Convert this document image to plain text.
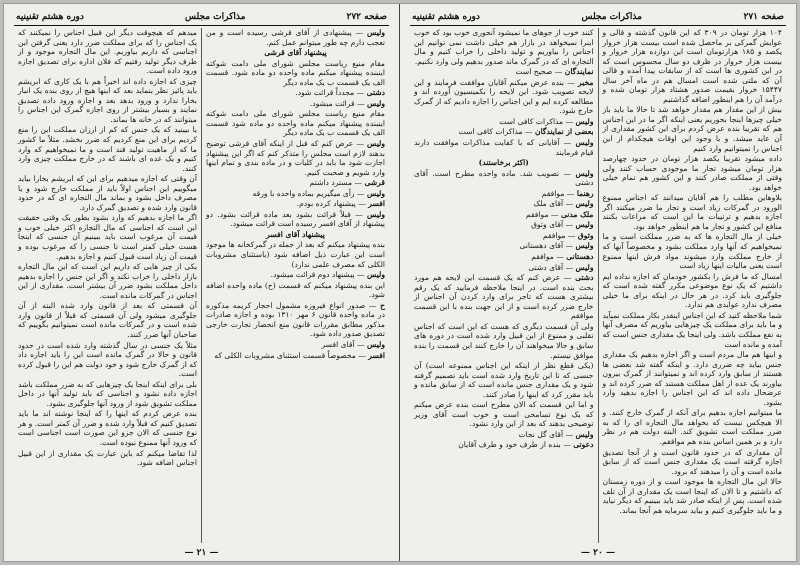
صفحه ۲۷۲
مذاکرات مجلس
دوره هشتم تقنینیه

ولیس — پیشنهادی از آقای قرشی رسیده است و من تعجب دارم چه طور میتوانم عمل کنم.

پیشنهاد آقای قرشی

مقام منیع ریاست مجلس شورای ملی دامت شوکته اینبنده پیشنهاد میکنم ماده واحده دو ماده شود. قسمت الف یک قسمت ب یک ماده دیگر

دشتی — مجدداً قرائت شود.

ولیس — قرائت میشود.

مقام منیع ریاست مجلس شورای ملی دامت شوکته اینبنده پیشنهاد میکنم ماده واحده دو ماده شود قسمت الف یک قسمت ب یک ماده دیگر

ولیس — عرض کنم که قبل از اینکه آقای قرشی توضیح بدهند لازم است مجلس را متذکر کنم که اگر این پیشنهاد اجازت شود ما باید در کلیات و در ماده بندی و تمام اینها وارد شویم و صحبت کنیم.

قرشی — مسترد داشتم

ولیس — رأی میگیریم بماده واحده با ورقه

افسر — پیشنهاد کرده بودم.

ولیس — قبلاً قرائت بشود بعد ماده قرائت بشود. دو پیشنهاد از آقای افسر رسیده است قرائت میشود.

پیشنهاد آقای افسر

بنده پیشنهاد میکنم که بعد از جمله در گمرکخانه ها موجود است این عبارت ذیل اضافه شود (باستثنای مشروبات الکلی که مصرف علمی ندارد)

ولیس — پیشنهاد دوم قرائت میشود.

این بنده پیشنهاد میکنم که قسمت (ح) ماده واحده اضافه شود.

ح — صدور انواع فیروزه مشمول احجار کریمه مذکوره در ماده واحده قانون ۶ مهر ۱۳۱۰ بوده و اجازه صادرات مذکور مطابق مقررات قانون منع انحصار تجارت خارجی تصدیق صدور داده شود.

ولیس — آقای افسر

افسر — مخصوصاً قسمت استثنای مشروبات الکلی که

میدهم که هیچوقت دیگر این قبیل اجناس را نمیکنند که یک اجناس را که برای مملکت ضرر دارد یعنی گرفتن این اجناسی که داریم بیاوریم. این مال التجاره موجود و از طرف دیگر تولید رفتیم که فلان اداره برای تصدیق اجازه ورود داده است.

چیزی که اجازه داده اند اخیراً هم با یک کاری که ابریشم باید پائیز نظر بنماید بعد که اینها هیچ از روی بنده یک انبار بخارا ندارد و ورود بدهد بعد و اجازه ورود داده تصدیق نمایند و بسیار بیشتر از روی اجازه گمرک این اجناس را میتوانند که در خانه ها بماند.

یا بیینید که یک جنس که کم از ارزان مملکت این را منع کردیم برای این منع کردیم که ضرر بخشد. مثلاً ما کشور ما که از ماهیت تولید قند است و ما نمیخواهیم که وارد کنیم و یک عده ای باشند که در خارج مملکت چیزی وارد کنند.

آن وقتی که اجازه میدهیم برای این که ابریشم بخارا بیاید میگوییم این اجناس اولاً باید از مملکت خارج شود و یا مصرف داخل بشود و بماند مال التجاره ای که در حدود قانون وارد شده و تصدیق گمرک دارد.

اگر ما اجازه بدهیم که وارد بشود بطور یک وقتی حقیقت این است که اجناسی که مال التجاره اکثر خیلی خوب و قیمت آن مرغوب است باید ببینیم آن جنسی که اینجا هست خیلی کمتر است تا جنسی را که مرغوب بوده و قیمت آن زیاد است قبول کنیم و اجازه بدهیم.

یکی از چیز هایی که داریم این است که این مال التجاره بازار داخلی را خراب نکند و اگر این جنس را اجازه بدهیم داخل مملکت بشود ضرر آن بیشتر است. مقداری از این اجناس در گمرکات مانده است.

آن قسمتی که بعد از قانون وارد شده البته از آن جلوگیری میشود ولی آن قسمتی که قبلاً از قانون وارد شده است و در گمرکات مانده است نمیتوانیم بگوییم که صاحبان آنها ضرر کنند.

مثلاً یک جنسی در سال گذشته وارد شده است در حدود قانون و حالا در گمرک مانده است این را باید اجازه داد که از گمرک خارج شود و خود دولت هم این را قبول کرده است.

بلی برای اینکه اینجا یک چیزهایی که به ضرر مملکت باشد اجازه داده نشود و اجناسی که باید تولید آنها در داخل مملکت تشویق شود از ورود آنها جلوگیری بشود.

بنده عرض کردم که اینها را که اینجا نوشته اند ما باید تصدیق کنیم که قبلاً وارد شده و ضرر آن کمتر است. و هر نوع جنسی که الان جزو این صورت است اجناسی است که ورود آنها ممنوع نبوده است.

لذا تقاضا میکنم که باین عبارت یک مقداری از این قبیل اجناس اضافه شود.

— ۲۱ —
صفحه ۲۷۱
مذاکرات مجلس
دوره هشتم تقنینیه

۱۰۴ هزار تومان در ۳۰۹ که این قانون گذشته و قالی و عوایش گمرکی بر ماحصل شده است بیست هزار خروار یکصد و ۱۸۵ هزارتومان است این دوازده هزار خروار و بیست هزار خروار در ظرف دو سال محسوس است که در این کشوری ها است که از سابقات پیدا آمده و قالی آن که ملتی شده است امسال هم در ماه آخر سال ۱۵۴۴۷ خروار بقیمت صدور هشتاد هزار تومان شده و درآمد آن را هم اینطور اضافه گذاشتیم

بیش از این مقدار هم مقدار خواهد شد تا حالا ما باید باز خیلی چیزها اینجا بخوریم یعنی اینکه اگر ما در این اجناس هم که تقریبا بنده عرض کردم برای این کشور مقداری از آن عاید میشد. و با وجود این اوقات هیچکدام از این اجناس را نمیتوانیم وارد کنیم

داده میشود تقریبا یکصد هزار تومان در حدود چهارصد هزار تومان میشود تجار ما موجودی حساب کنند ولی وقتی از مملکت صادر کنند و این کشور هم تمام خیلی خواهد بود.

بلاوهاین مطلب را هم آقایان میدانند که اجناس ممنوع الورود در گمرکات زیاد است و تجار ما ضرر میکنند اگر اجازه بدهیم و ترتیبات ما این است که مراعات بکنند منافع این کشور و تجار ما هم اینطور خواهد بود.

خیلی از مال التجاره ها که به ضرر مملکت است و ما نمیخواهیم که آنها وارد مملکت بشود و مخصوصاً آنها که از خارج مملکت وارد میشوند مواد فرش اینها ممنوع است یعنی مالیات اینها زیاد است

امسال که ما فرش را بکشور خودمان که اجازه نداده ایم داشتیم که یک نوع موضوعی مکرر گفته شده است که جلوگیری باید کرد. در هر حال در اینکه برای ما خیلی مصرف ندارد عوایدی هم ندارد.

شما ملاحظه کنید که این اجناس اینقدر بکار مملکت نمیآید و ما باید برای مملکت یک چیزهایی بیاوریم که مصرف آنها به نفع مملکت باشد. ولی اینجا یک مقداری جنس است که آمده و مانده است

و اینها هم مال مردم است و اگر اجازه بدهیم یک مقداری جنس بیاید چه ضرری دارد. و اینکه گفته شد بعضی ها هستند از سابق وارد کرده اند و نمیتوانند از گمرک بیرون بیاورند یک عده از اهل مملکت هستند که ضرر کرده اند و عرضحال داده اند که این اجناس را اجازه بدهید وارد بشود.

ما میتوانیم اجازه بدهیم برای آنکه از گمرک خارج کنند. و الا هیچکس نیست که بخواهد مال التجاره ای را که به ضرر مملکت است تشویق کند. البته دولت هم در نظر دارد و بر همین اساس بنده هم موافقم.

آن مقداری که در حدود قانون است و از آنجا تصدیق اجازه گرفته است یک مقداری جنس است که از سابق مانده است و آن را میدهند که برود.

حالا این مال التجاره ها موجود است و از دوره زمستان که داشتیم و تا الان که اینجا است یک مقداری از آن تلف شده است. پس از اینکه صادر شد باید ببینیم که دیگر نیاید و ما باید جلوگیری کنیم و بیاید سرمایه هم آنجا بماند.

کنند خوب از جوهای ما نمیشود آنجوری خوب بود که خوب اینرا نمیخواهد در بازار هم خیلی داشت نمی توانیم این اجناس را بیاوریم و تولید داخلی را خراب کنیم و مال التجاره ای که در گمرک ماند صدور بدهیم ولی وارد نکنیم.

نمایندگان — صحیح است

مخبر — بنده عرض میکنم آقایان موافقت فرمایند و این لایحه تصویب شود. این لایحه را بکمیسیون آورده اند و مطالعه کرده ایم و این اجناس را اجازه دادیم که از گمرک خارج شود.

ولیس — مذاکرات کافی است

بعضی از نمایندگان — مذاکرات کافی است

ولیس — آقایانی که با کفایت مذاکرات موافقت دارند قیام فرمایند

(اکثر برخاستند)

ولیس — تصویب شد. ماده واحده مطرح است. آقای دشتی

رهنما — موافقم

ولیس — آقای ملک

ملک مدنی — موافقم

ولیس — آقای وثوق

وثوق — موافقم

ولیس — آقای دهستانی

دهستانی — موافقم

ولیس — آقای دشتی

دشتی — عرض کنم که یک قسمت این لایحه هم مورد بحث بنده است. در اینجا ملاحظه فرمایید که یک رقم بیشتری هست که تاجر برای وارد کردن آن اجناس از خارج ضرر کرده است و از این جهت بنده با این قسمت موافقم

ولی آن قسمت دیگری که هست که این است که اجناس تقلبی و ممنوع از این قبیل وارد شده است در دوره های سابق و حالا میخواهند آن را خارج کنند این قسمت را بنده موافق نیستم.

(یکی قطع نظر از اینکه این اجناس ممنوعه است) آن جنسی که تا این تاریخ وارد شده است باید تصمیم گرفته شود و یک مقداری جنس مانده است که از سابق مانده و باید مقرر کرد که اینها را صادر کنند.

و اما این قسمت که الان مطرح است بنده عرض میکنم که یک نوع تسامحی است و خوب است آقای وزیر توضیحی بدهند که بعد از این وارد نشود.

ولیس — آقای گل نجات

دعوتی — بنده از طرف خود و طرف آقایان

— ۲۰ —
